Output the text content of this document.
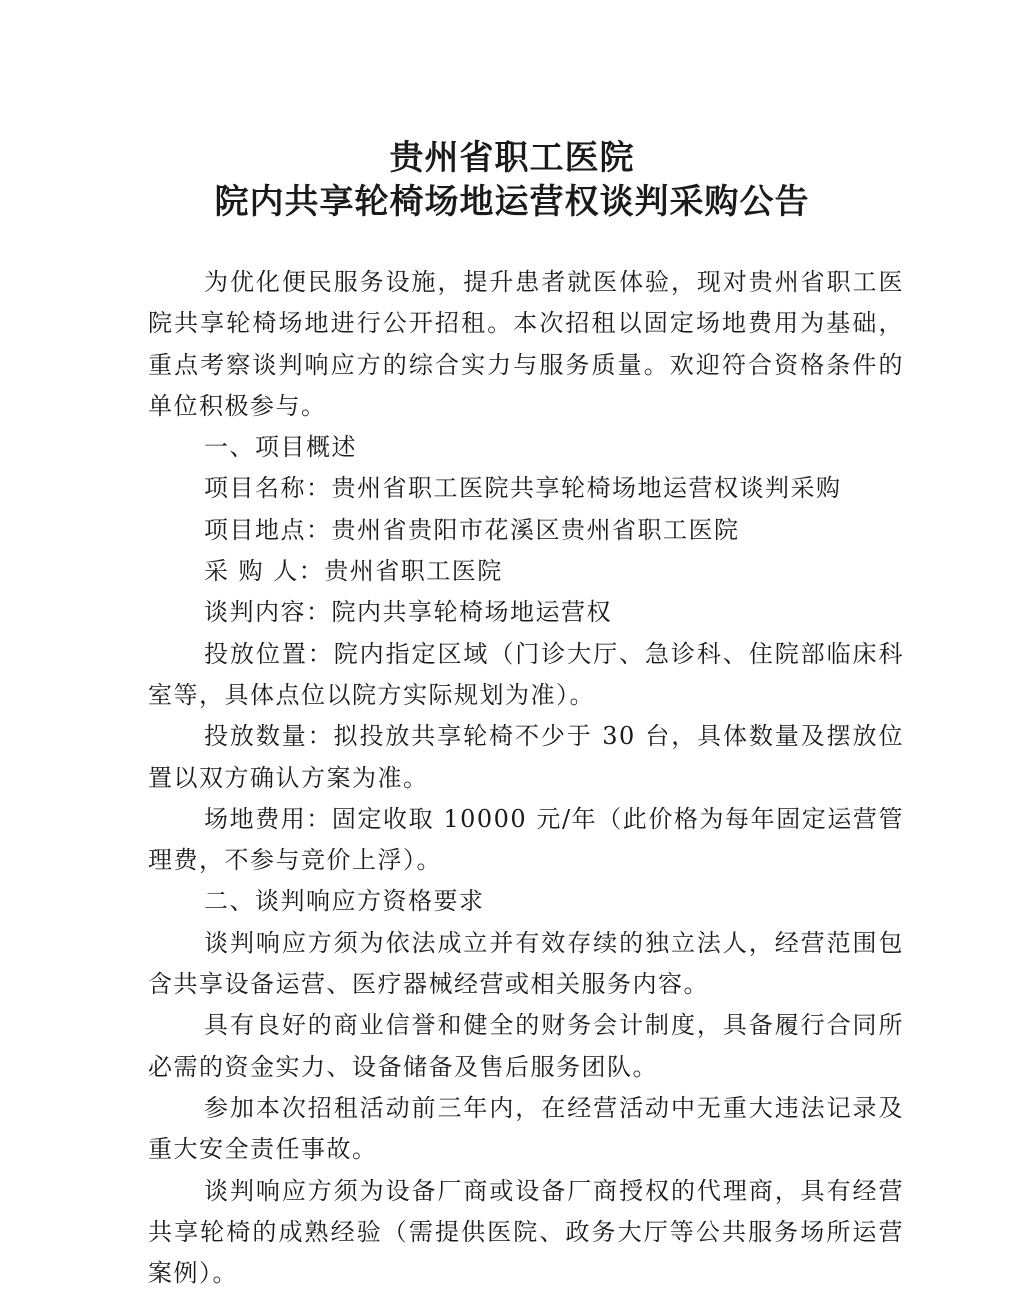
贵州省职工医院
院内共享轮椅场地运营权谈判采购公告

为优化便民服务设施，提升患者就医体验，现对贵州省职工医院共享轮椅场地进行公开招租。本次招租以固定场地费用为基础，重点考察谈判响应方的综合实力与服务质量。欢迎符合资格条件的单位积极参与。

一、项目概述

项目名称：贵州省职工医院共享轮椅场地运营权谈判采购

项目地点：贵州省贵阳市花溪区贵州省职工医院

采 购 人：贵州省职工医院

谈判内容：院内共享轮椅场地运营权

投放位置：院内指定区域（门诊大厅、急诊科、住院部临床科室等，具体点位以院方实际规划为准）。

投放数量：拟投放共享轮椅不少于 30 台，具体数量及摆放位置以双方确认方案为准。

场地费用：固定收取 10000 元/年（此价格为每年固定运营管理费，不参与竞价上浮）。

二、谈判响应方资格要求

谈判响应方须为依法成立并有效存续的独立法人，经营范围包含共享设备运营、医疗器械经营或相关服务内容。

具有良好的商业信誉和健全的财务会计制度，具备履行合同所必需的资金实力、设备储备及售后服务团队。

参加本次招租活动前三年内，在经营活动中无重大违法记录及重大安全责任事故。

谈判响应方须为设备厂商或设备厂商授权的代理商，具有经营共享轮椅的成熟经验（需提供医院、政务大厅等公共服务场所运营案例）。
